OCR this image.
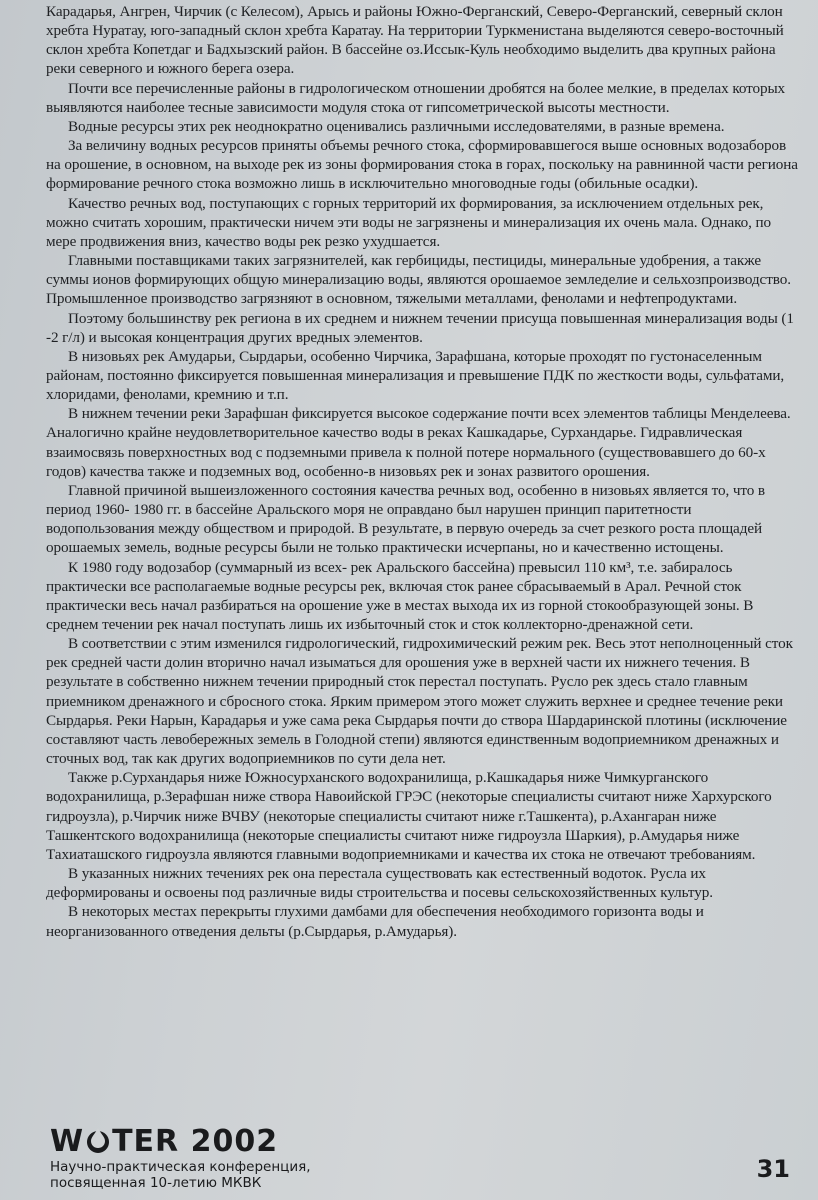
Карадарья, Ангрен, Чирчик (с Келесом), Арысь и районы Южно-Ферганский, Северо-Ферганский, северный склон хребта Нуратау, юго-западный склон хребта Каратау. На территории Туркменистана выделяются северо-восточный склон хребта Копетдаг и Бадхызский район. В бассейне оз.Иссык-Куль необходимо выделить два крупных района реки северного и южного берега озера.

Почти все перечисленные районы в гидрологическом отношении дробятся на более мелкие, в пределах которых выявляются наиболее тесные зависимости модуля стока от гипсометрической высоты местности.

Водные ресурсы этих рек неоднократно оценивались различными исследователями, в разные времена.

За величину водных ресурсов приняты объемы речного стока, сформировавшегося выше основных водозаборов на орошение, в основном, на выходе рек из зоны формирования стока в горах, поскольку на равнинной части региона формирование речного стока возможно лишь в исключительно многоводные годы (обильные осадки).

Качество речных вод, поступающих с горных территорий их формирования, за исключением отдельных рек, можно считать хорошим, практически ничем эти воды не загрязнены и минерализация их очень мала. Однако, по мере продвижения вниз, качество воды рек резко ухудшается.

Главными поставщиками таких загрязнителей, как гербициды, пестициды, минеральные удобрения, а также суммы ионов формирующих общую минерализацию воды, являются орошаемое земледелие и сельхозпроизводство. Промышленное производство загрязняют в основном, тяжелыми металлами, фенолами и нефтепродуктами.

Поэтому большинству рек региона в их среднем и нижнем течении присуща повышенная минерализация воды (1 -2 г/л) и высокая концентрация других вредных элементов.

В низовьях рек Амударьи, Сырдарьи, особенно Чирчика, Зарафшана, которые проходят по густонаселенным районам, постоянно фиксируется повышенная минерализация и превышение ПДК по жесткости воды, сульфатами, хлоридами, фенолами, кремнию и т.п.

В нижнем течении реки Зарафшан фиксируется высокое содержание почти всех элементов таблицы Менделеева. Аналогично крайне неудовлетворительное качество воды в реках Кашкадарье, Сурхандарье. Гидравлическая взаимосвязь поверхностных вод с подземными привела к полной потере нормального (существовавшего до 60-х годов) качества также и подземных вод, особенно-в низовьях рек и зонах развитого орошения.

Главной причиной вышеизложенного состояния качества речных вод, особенно в низовьях является то, что в период 1960- 1980 гг. в бассейне Аральского моря не оправдано был нарушен принцип паритетности водопользования между обществом и природой. В результате, в первую очередь за счет резкого роста площадей орошаемых земель, водные ресурсы были не только практически исчерпаны, но и качественно истощены.

К 1980 году водозабор (суммарный из всех- рек Аральского бассейна) превысил 110 км³, т.е. забиралось практически все располагаемые водные ресурсы рек, включая сток ранее сбрасываемый в Арал. Речной сток практически весь начал разбираться на орошение уже в местах выхода их из горной стокообразующей зоны. В среднем течении рек начал поступать лишь их избыточный сток и сток коллекторно-дренажной сети.

В соответствии с этим изменился гидрологический, гидрохимический режим рек. Весь этот неполноценный сток рек средней части долин вторично начал изыматься для орошения уже в верхней части их нижнего течения. В результате в собственно нижнем течении природный сток перестал поступать. Русло рек здесь стало главным приемником дренажного и сбросного стока. Ярким примером этого может служить верхнее и среднее течение реки Сырдарья. Реки Нарын, Карадарья и уже сама река Сырдарья почти до створа Шардаринской плотины (исключение составляют часть левобережных земель в Голодной степи) являются единственным водоприемником дренажных и сточных вод, так как других водоприемников по сути дела нет.

Также р.Сурхандарья ниже Южносурханского водохранилища, р.Кашкадарья ниже Чимкурганского водохранилища, р.Зерафшан ниже створа Навоийской ГРЭС (некоторые специалисты считают ниже Хархурского гидроузла), р.Чирчик ниже ВЧВУ (некоторые специалисты считают ниже г.Ташкента), р.Ахангаран ниже Ташкентского водохранилища (некоторые специалисты считают ниже гидроузла Шаркия), р.Амударья ниже Тахиаташского гидроузла являются главными водоприемниками и качества их стока не отвечают требованиям.

В указанных нижних течениях рек она перестала существовать как естественный водоток. Русла их деформированы и освоены под различные виды строительства и посевы сельскохозяйственных культур.

В некоторых местах перекрыты глухими дамбами для обеспечения необходимого горизонта воды и неорганизованного отведения дельты (р.Сырдарья, р.Амударья).

W TER 2002
Научно-практическая конференция,
посвященная 10-летию МКВК	31
